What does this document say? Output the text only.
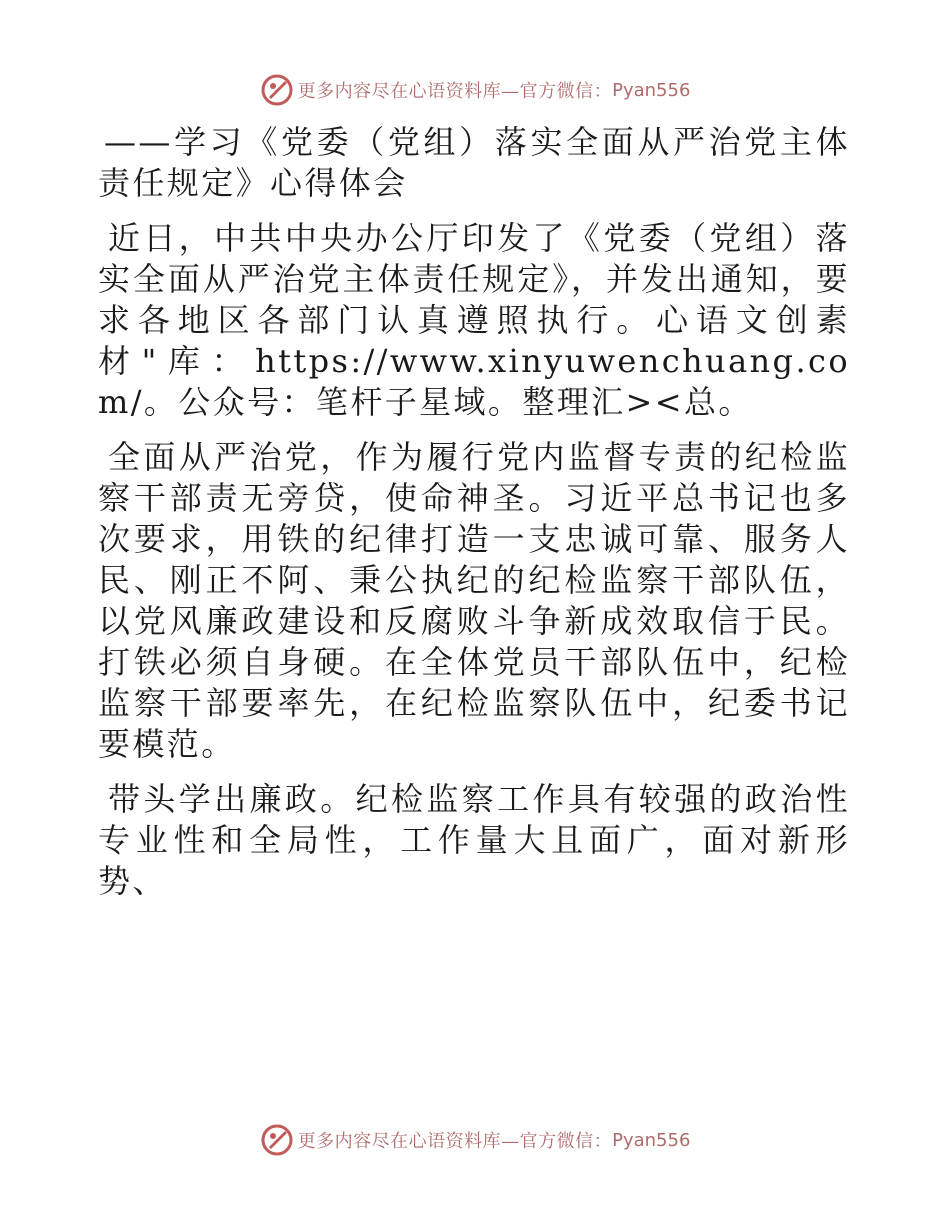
更多内容尽在心语资料库—官方微信： Pyan556

——学习《党委（党组）落实全面从严治党主体责任规定》心得体会

近日，中共中央办公厅印发了《党委（党组）落实全面从严治党主体责任规定》，并发出通知，要求各地区各部门认真遵照执行。心语文创素材"库：https://www.xinyuwenchuang.com/。公众号：笔杆子星域。整理汇><总。

全面从严治党，作为履行党内监督专责的纪检监察干部责无旁贷，使命神圣。习近平总书记也多次要求，用铁的纪律打造一支忠诚可靠、服务人民、刚正不阿、秉公执纪的纪检监察干部队伍，以党风廉政建设和反腐败斗争新成效取信于民。打铁必须自身硬。在全体党员干部队伍中，纪检监察干部要率先，在纪检监察队伍中，纪委书记要模范。

带头学出廉政。纪检监察工作具有较强的政治性专业性和全局性，工作量大且面广，面对新形势、

更多内容尽在心语资料库—官方微信： Pyan556
